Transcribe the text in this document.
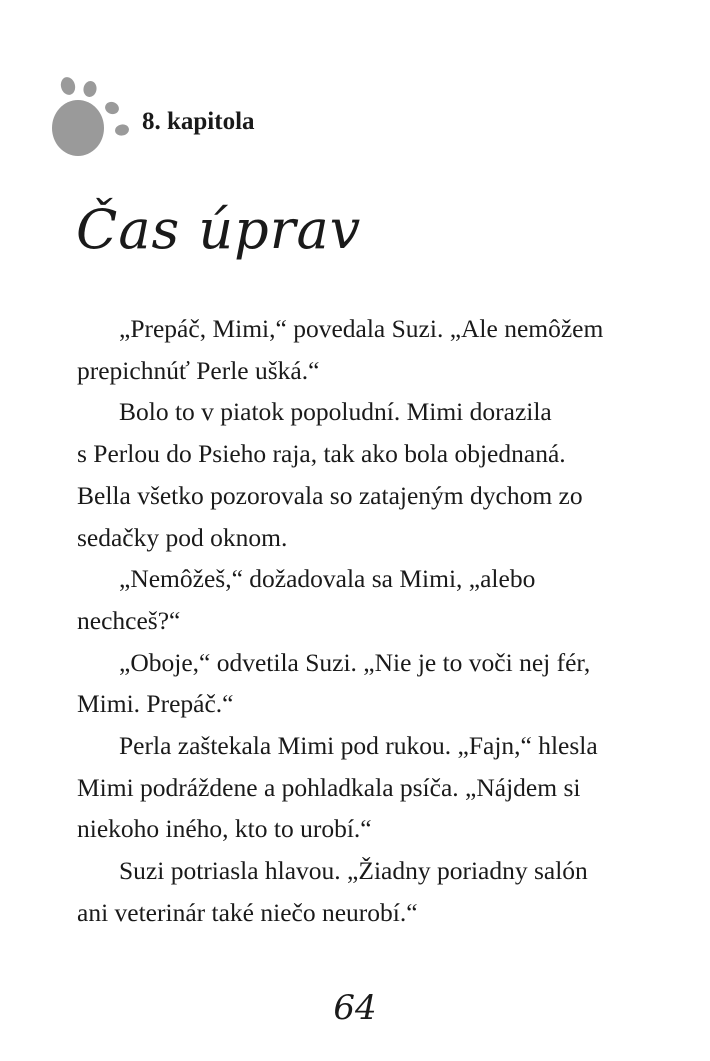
8. kapitola
Čas úprav
„Prepáč, Mimi,“ povedala Suzi. „Ale nemôžem
prepichnúť Perle ušká.“
Bolo to v piatok popoludní. Mimi dorazila
s Perlou do Psieho raja, tak ako bola objednaná.
Bella všetko pozorovala so zatajeným dychom zo
sedačky pod oknom.
„Nemôžeš,“ dožadovala sa Mimi, „alebo
nechceš?“
„Oboje,“ odvetila Suzi. „Nie je to voči nej fér,
Mimi. Prepáč.“
Perla zaštekala Mimi pod rukou. „Fajn,“ hlesla
Mimi podráždene a pohladkala psíča. „Nájdem si
niekoho iného, kto to urobí.“
Suzi potriasla hlavou. „Žiadny poriadny salón
ani veterinár také niečo neurobí.“
64
